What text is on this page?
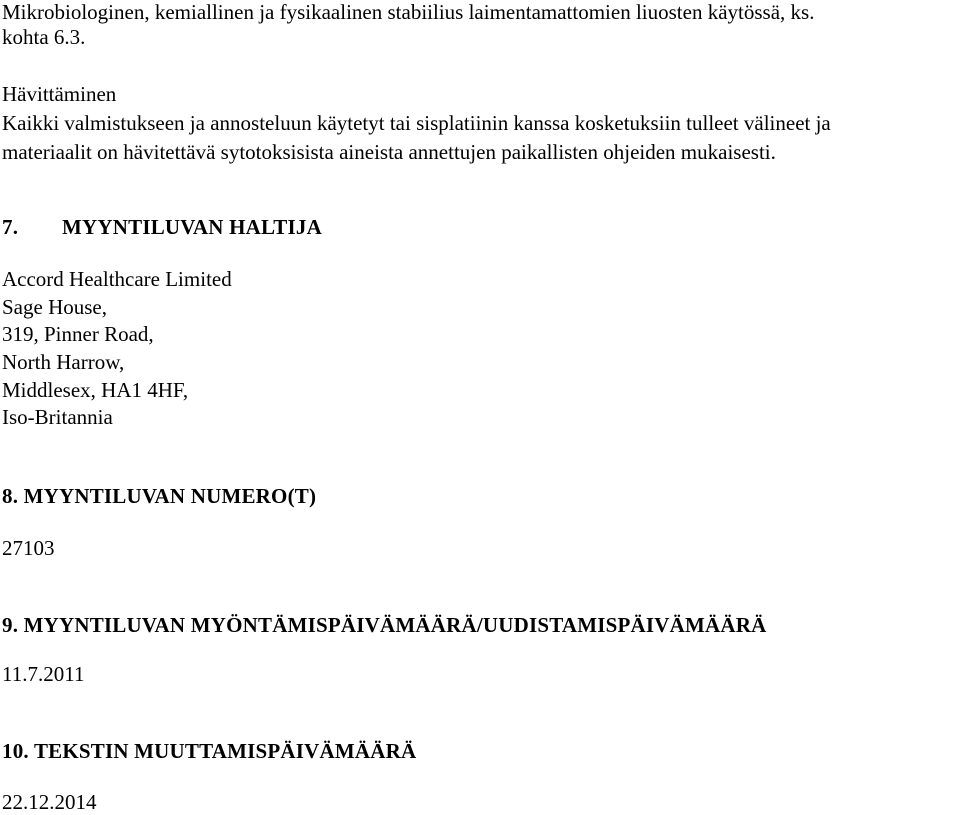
Mikrobiologinen, kemiallinen ja fysikaalinen stabiilius laimentamattomien liuosten käytössä, ks.
kohta 6.3.
Hävittäminen
Kaikki valmistukseen ja annosteluun käytetyt tai sisplatiinin kanssa kosketuksiin tulleet välineet ja
materiaalit on hävitettävä sytotoksisista aineista annettujen paikallisten ohjeiden mukaisesti.
7. MYYNTILUVAN HALTIJA
Accord Healthcare Limited
Sage House,
319, Pinner Road,
North Harrow,
Middlesex, HA1 4HF,
Iso-Britannia
8. MYYNTILUVAN NUMERO(T)
27103
9. MYYNTILUVAN MYÖNTÄMISPÄIVÄMÄÄRÄ/UUDISTAMISPÄIVÄMÄÄRÄ
11.7.2011
10. TEKSTIN MUUTTAMISPÄIVÄMÄÄRÄ
22.12.2014
